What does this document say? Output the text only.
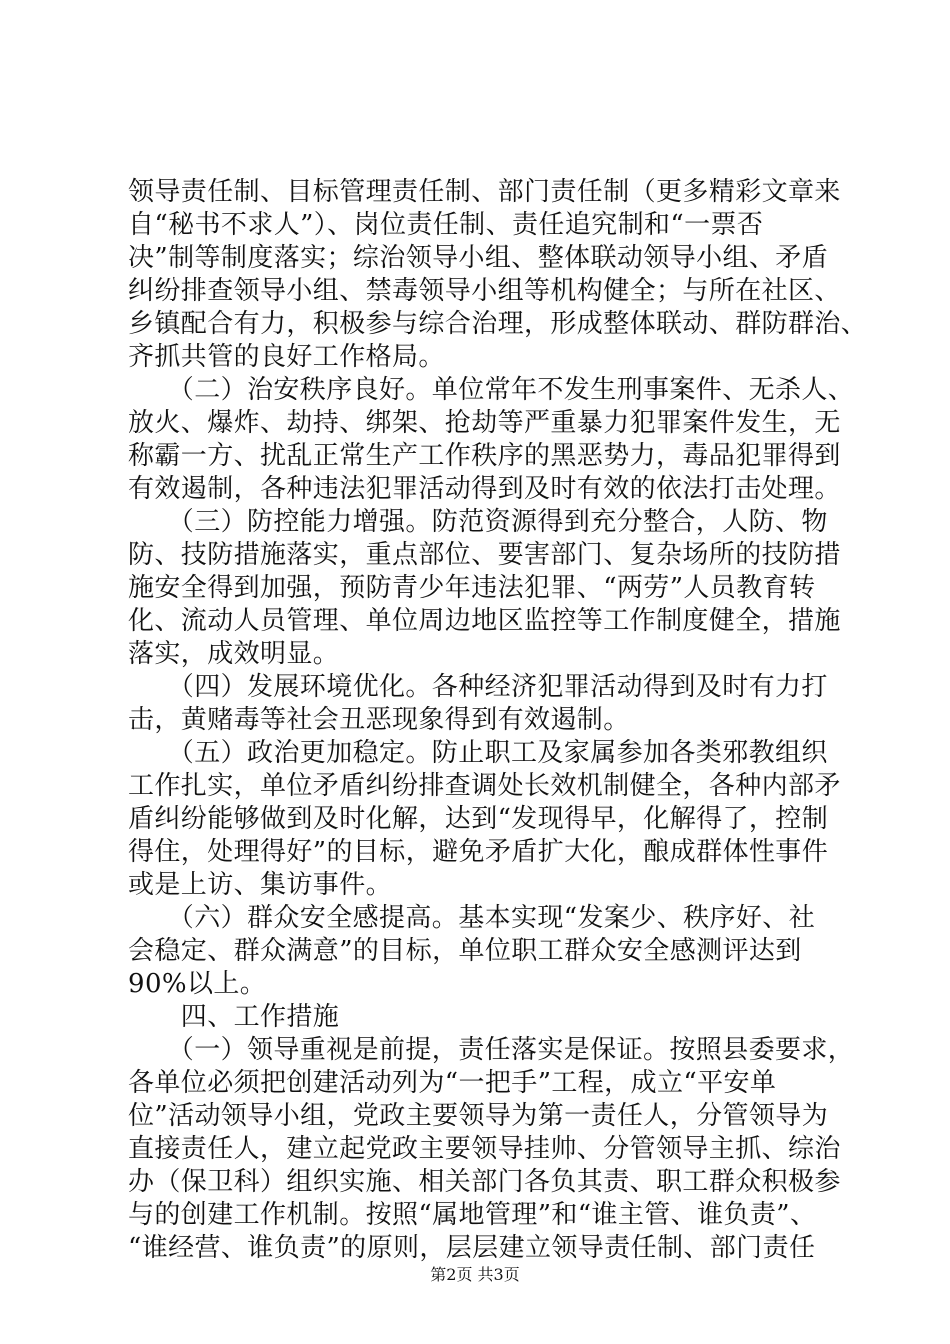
领导责任制、目标管理责任制、部门责任制（更多精彩文章来
自“秘书不求人”）、岗位责任制、责任追究制和“一票否
决”制等制度落实；综治领导小组、整体联动领导小组、矛盾
纠纷排查领导小组、禁毒领导小组等机构健全；与所在社区、
乡镇配合有力，积极参与综合治理，形成整体联动、群防群治、
齐抓共管的良好工作格局。
　　（二）治安秩序良好。单位常年不发生刑事案件、无杀人、
放火、爆炸、劫持、绑架、抢劫等严重暴力犯罪案件发生，无
称霸一方、扰乱正常生产工作秩序的黑恶势力，毒品犯罪得到
有效遏制，各种违法犯罪活动得到及时有效的依法打击处理。
　　（三）防控能力增强。防范资源得到充分整合，人防、物
防、技防措施落实，重点部位、要害部门、复杂场所的技防措
施安全得到加强，预防青少年违法犯罪、“两劳”人员教育转
化、流动人员管理、单位周边地区监控等工作制度健全，措施
落实，成效明显。
　　（四）发展环境优化。各种经济犯罪活动得到及时有力打
击，黄赌毒等社会丑恶现象得到有效遏制。
　　（五）政治更加稳定。防止职工及家属参加各类邪教组织
工作扎实，单位矛盾纠纷排查调处长效机制健全，各种内部矛
盾纠纷能够做到及时化解，达到“发现得早，化解得了，控制
得住，处理得好”的目标，避免矛盾扩大化，酿成群体性事件
或是上访、集访事件。
　　（六）群众安全感提高。基本实现“发案少、秩序好、社
会稳定、群众满意”的目标，单位职工群众安全感测评达到
90%以上。
　　四、工作措施
　　（一）领导重视是前提，责任落实是保证。按照县委要求，
各单位必须把创建活动列为“一把手”工程，成立“平安单
位”活动领导小组，党政主要领导为第一责任人，分管领导为
直接责任人，建立起党政主要领导挂帅、分管领导主抓、综治
办（保卫科）组织实施、相关部门各负其责、职工群众积极参
与的创建工作机制。按照“属地管理”和“谁主管、谁负责”、
“谁经营、谁负责”的原则，层层建立领导责任制、部门责任
第2页 共3页
